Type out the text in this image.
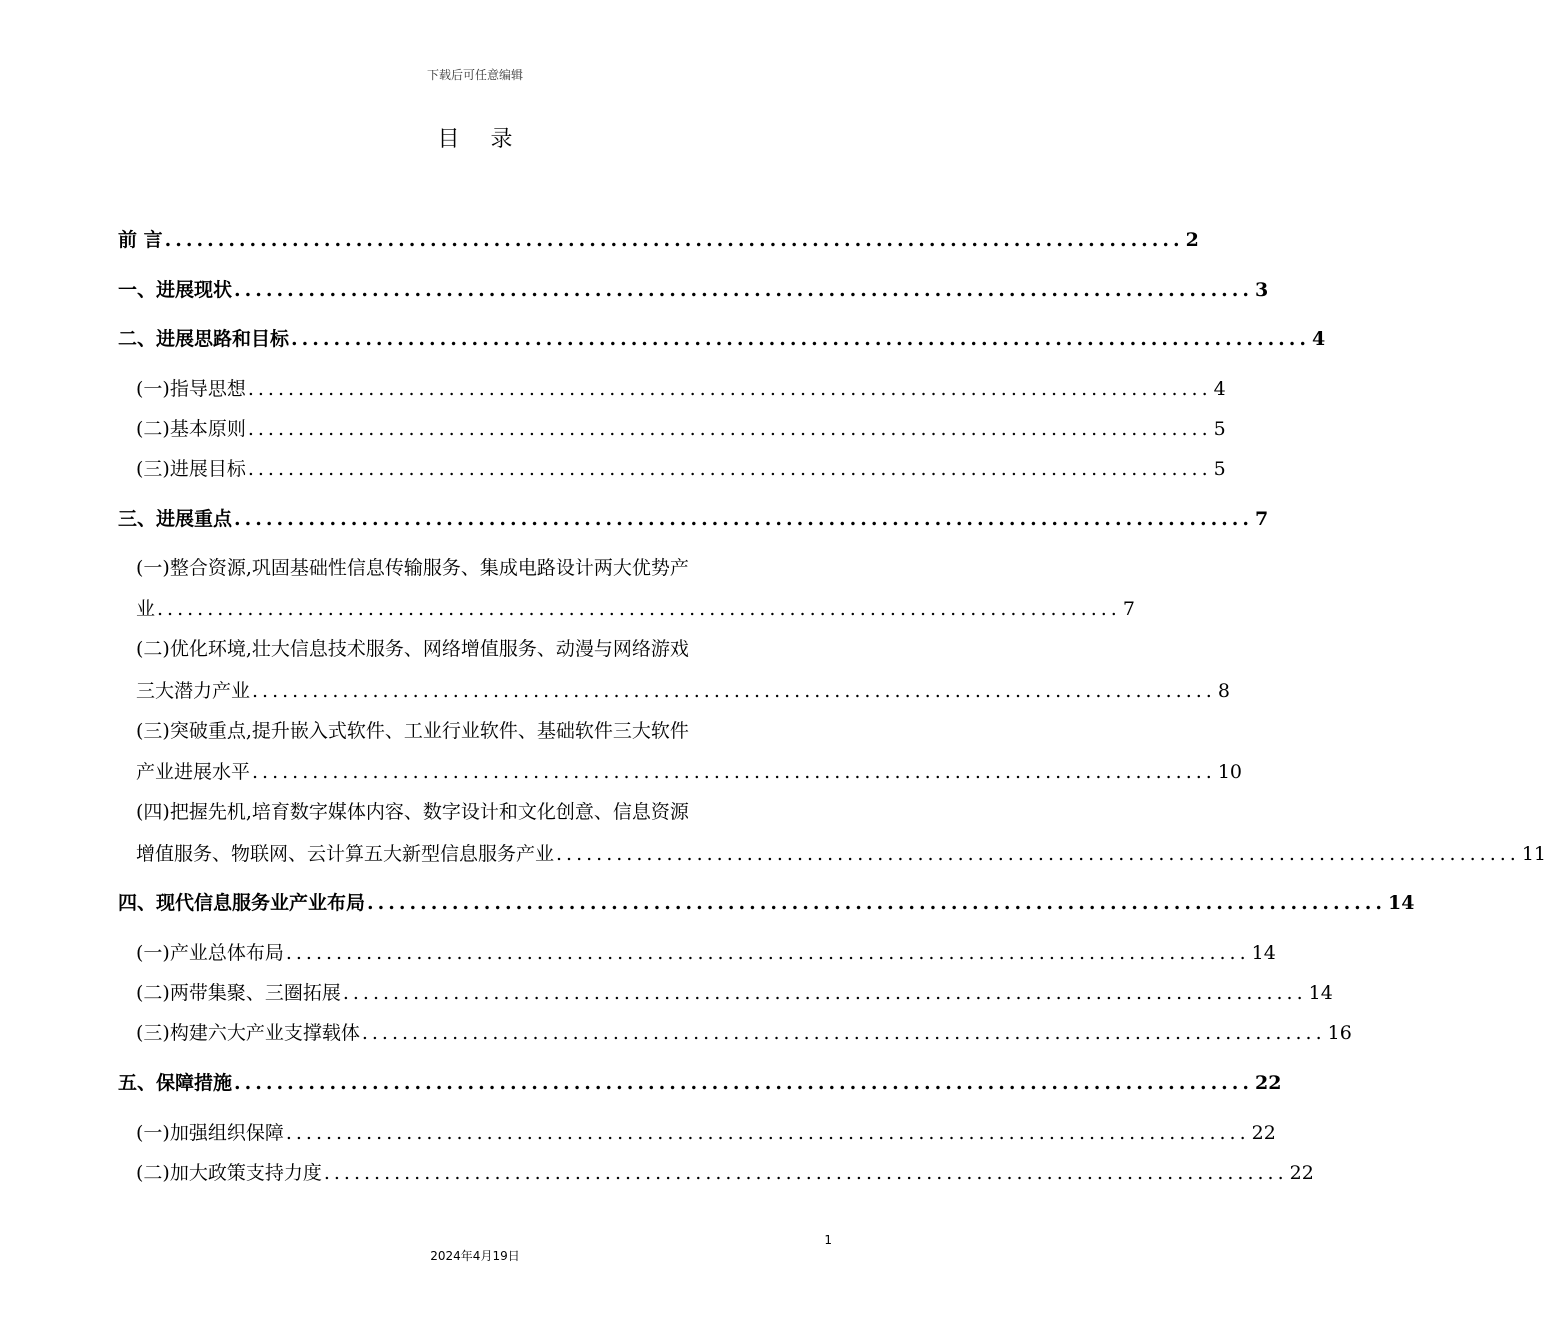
下载后可任意编辑
目 录
前 言 ................................................................................................ 2
一、进展现状 ................................................................................................ 3
二、进展思路和目标 ................................................................................................ 4
(一)指导思想 ................................................................................................ 4
(二)基本原则 ................................................................................................ 5
(三)进展目标 ................................................................................................ 5
三、进展重点 ................................................................................................ 7
(一)整合资源,巩固基础性信息传输服务、集成电路设计两大优势产
业 ................................................................................................ 7
(二)优化环境,壮大信息技术服务、网络增值服务、动漫与网络游戏
三大潜力产业 ................................................................................................ 8
(三)突破重点,提升嵌入式软件、工业行业软件、基础软件三大软件
产业进展水平 ................................................................................................ 10
(四)把握先机,培育数字媒体内容、数字设计和文化创意、信息资源
增值服务、物联网、云计算五大新型信息服务产业 ................................................................................................ 11
四、现代信息服务业产业布局 ................................................................................................ 14
(一)产业总体布局 ................................................................................................ 14
(二)两带集聚、三圈拓展 ................................................................................................ 14
(三)构建六大产业支撑载体 ................................................................................................ 16
五、保障措施 ................................................................................................ 22
(一)加强组织保障 ................................................................................................ 22
(二)加大政策支持力度 ................................................................................................ 22
1
2024年4月19日
